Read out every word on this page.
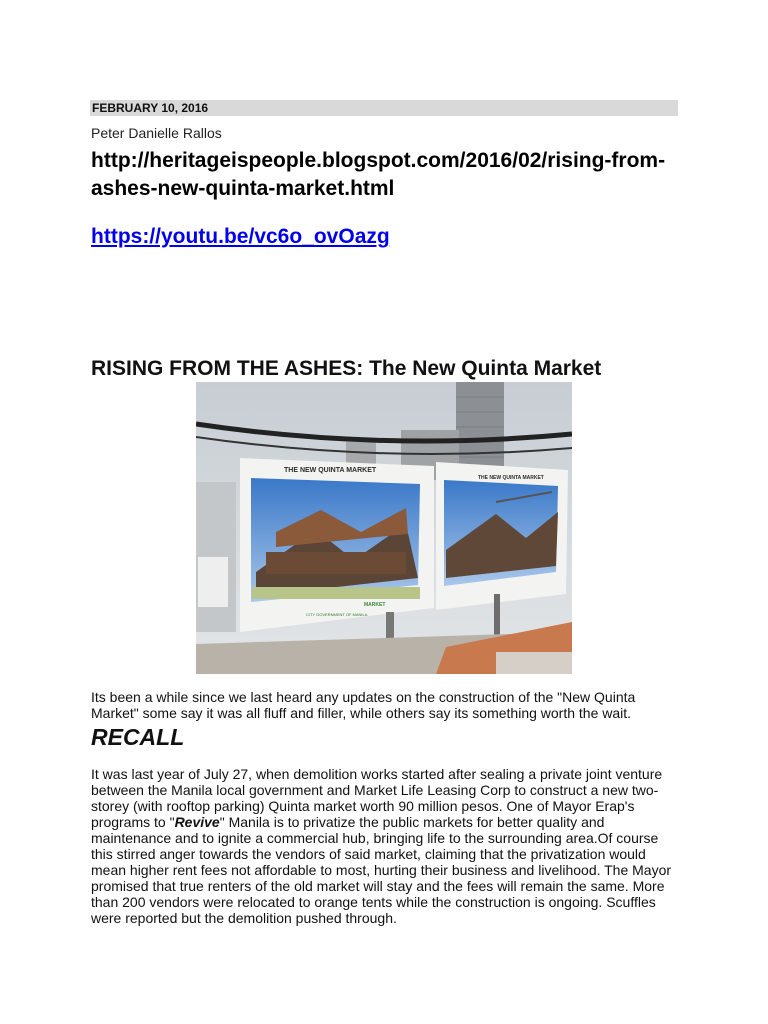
FEBRUARY 10, 2016
Peter Danielle Rallos
http://heritageispeople.blogspot.com/2016/02/rising-from-ashes-new-quinta-market.html
https://youtu.be/vc6o_ovOazg
RISING FROM THE ASHES: The New Quinta Market
THE NEW QUINTA MARKET
THE NEW QUINTA MARKET
CITY GOVERNMENT OF MANILA
MARKET
Its been a while since we last heard any updates on the construction of the "New Quinta Market" some say it was all fluff and filler, while others say its something worth the wait.
RECALL
It was last year of July 27, when demolition works started after sealing a private joint venture between the Manila local government and Market Life Leasing Corp to construct a new two-storey (with rooftop parking) Quinta market worth 90 million pesos. One of Mayor Erap's programs to "Revive" Manila is to privatize the public markets for better quality and maintenance and to ignite a commercial hub, bringing life to the surrounding area.Of course this stirred anger towards the vendors of said market, claiming that the privatization would mean higher rent fees not affordable to most, hurting their business and livelihood. The Mayor promised that true renters of the old market will stay and the fees will remain the same. More than 200 vendors were relocated to orange tents while the construction is ongoing. Scuffles were reported but the demolition pushed through.
